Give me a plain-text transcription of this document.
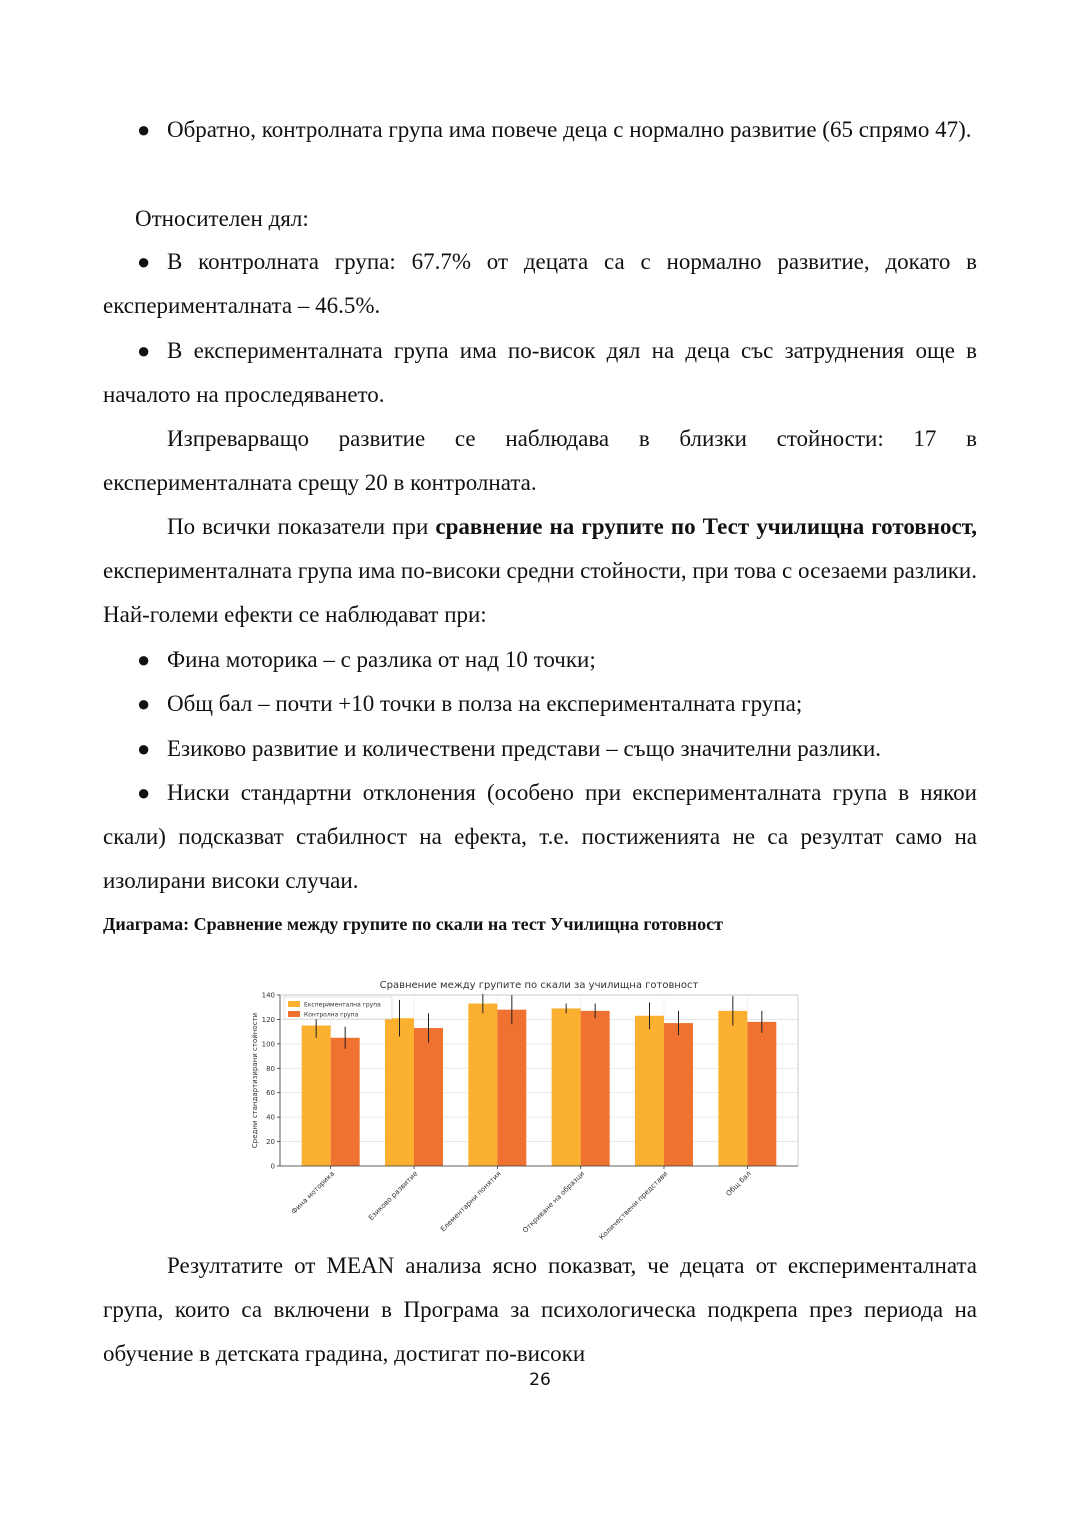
● Обратно, контролната група има повече деца с нормално развитие (65 спрямо 47).

Относителен дял:

● В контролната група: 67.7% от децата са с нормално развитие, докато в експерименталната – 46.5%.

● В експерименталната група има по-висок дял на деца със затруднения още в началото на проследяването.

Изпреварващо развитие се наблюдава в близки стойности: 17 в експерименталната срещу 20 в контролната.

По всички показатели при сравнение на групите по Тест училищна готовност, експерименталната група има по-високи средни стойности, при това с осезаеми разлики. Най-големи ефекти се наблюдават при:

● Фина моторика – с разлика от над 10 точки;

● Общ бал – почти +10 точки в полза на експерименталната група;

● Езиково развитие и количествени представи – също значителни разлики.

● Ниски стандартни отклонения (особено при експерименталната група в някои скали) подсказват стабилност на ефекта, т.е. постиженията не са резултат само на изолирани високи случаи.

Диаграма: Сравнение между групите по скали на тест Училищна готовност
0
20
40
60
80
100
120
140
Фина моторика	Езиково развитие	Елементарни понятия	Откриване на образци Количествени представи	Общ бал
Сравнение между групите по скали за училищна готовност
Средни стандартизирани стойности
Експериментална група
Контролна група

Резултатите от MEAN анализа ясно показват, че децата от експерименталната група, които са включени в Програма за психологическа подкрепа през периода на обучение в детската градина, достигат по-високи

26
